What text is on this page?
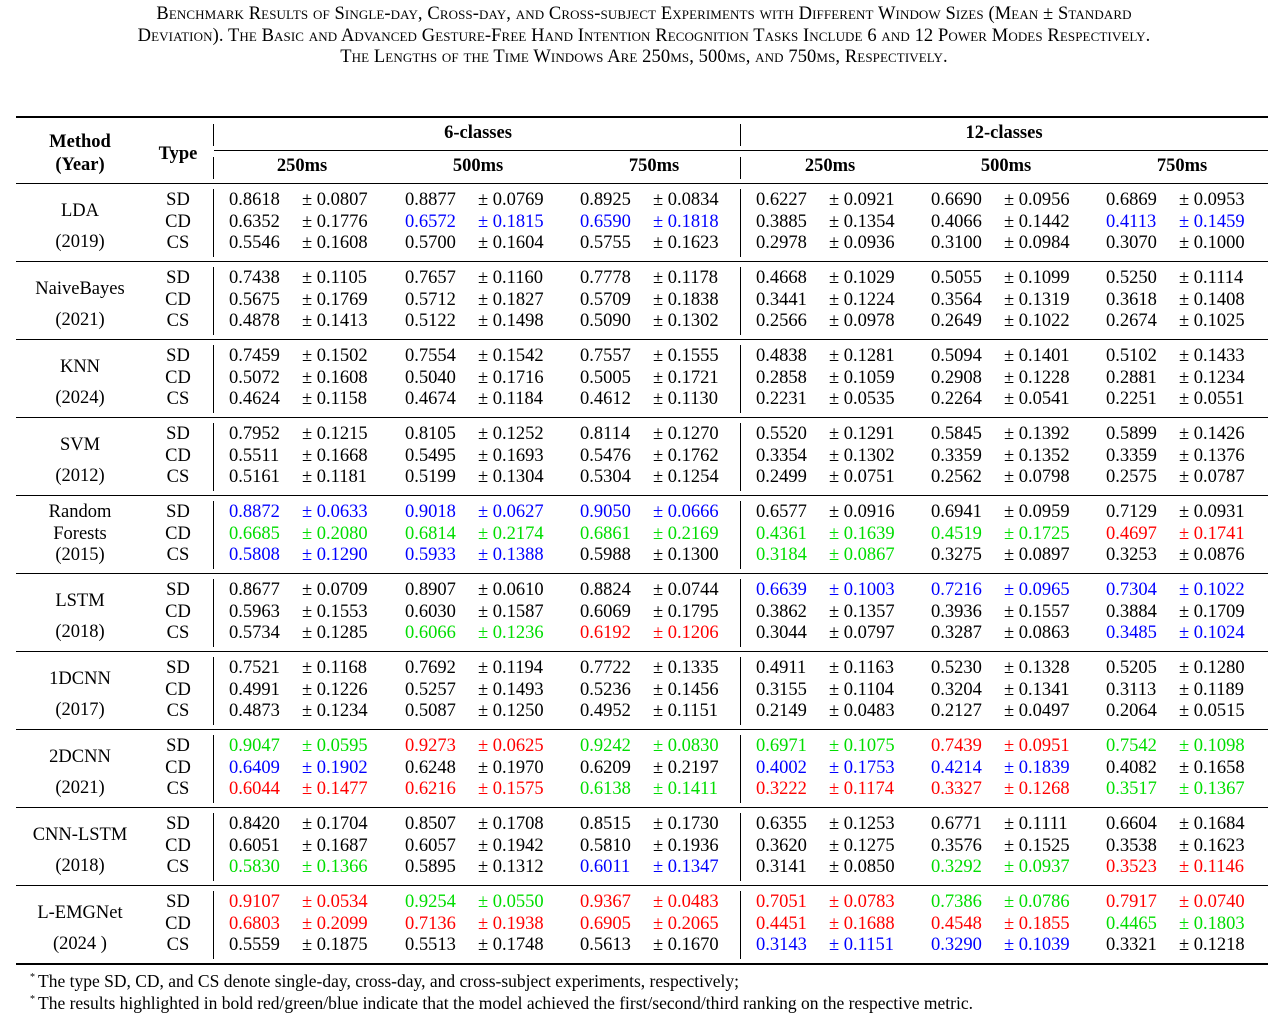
Benchmark Results of Single-day, Cross-day, and Cross-subject Experiments with Different Window Sizes (Mean ± Standard
Deviation). The Basic and Advanced Gesture-Free Hand Intention Recognition Tasks Include 6 and 12 Power Modes Respectively.
The Lengths of the Time Windows Are 250ms, 500ms, and 750ms, Respectively.
Method
(Year)
Type
6-classes	12-classes
250ms	500ms	750ms	250ms	500ms	750ms
LDA
(2019)
SD	0.8618 ± 0.0807 0.8877 ± 0.0769 0.8925 ± 0.0834 0.6227 ± 0.0921 0.6690 ± 0.0956 0.6869 ± 0.0953
CD	0.6352 ± 0.1776 0.6572 ± 0.1815 0.6590 ± 0.1818 0.3885 ± 0.1354 0.4066 ± 0.1442 0.4113 ± 0.1459
CS	0.5546 ± 0.1608 0.5700 ± 0.1604 0.5755 ± 0.1623 0.2978 ± 0.0936 0.3100 ± 0.0984 0.3070 ± 0.1000
NaiveBayes
(2021)
SD	0.7438 ± 0.1105 0.7657 ± 0.1160 0.7778 ± 0.1178 0.4668 ± 0.1029 0.5055 ± 0.1099 0.5250 ± 0.1114
CD	0.5675 ± 0.1769 0.5712 ± 0.1827 0.5709 ± 0.1838 0.3441 ± 0.1224 0.3564 ± 0.1319 0.3618 ± 0.1408
CS	0.4878 ± 0.1413 0.5122 ± 0.1498 0.5090 ± 0.1302 0.2566 ± 0.0978 0.2649 ± 0.1022 0.2674 ± 0.1025
KNN
(2024)
SD	0.7459 ± 0.1502 0.7554 ± 0.1542 0.7557 ± 0.1555 0.4838 ± 0.1281 0.5094 ± 0.1401 0.5102 ± 0.1433
CD	0.5072 ± 0.1608 0.5040 ± 0.1716 0.5005 ± 0.1721 0.2858 ± 0.1059 0.2908 ± 0.1228 0.2881 ± 0.1234
CS	0.4624 ± 0.1158 0.4674 ± 0.1184 0.4612 ± 0.1130 0.2231 ± 0.0535 0.2264 ± 0.0541 0.2251 ± 0.0551
SVM
(2012)
SD	0.7952 ± 0.1215 0.8105 ± 0.1252 0.8114 ± 0.1270 0.5520 ± 0.1291 0.5845 ± 0.1392 0.5899 ± 0.1426
CD	0.5511 ± 0.1668 0.5495 ± 0.1693 0.5476 ± 0.1762 0.3354 ± 0.1302 0.3359 ± 0.1352 0.3359 ± 0.1376
CS	0.5161 ± 0.1181 0.5199 ± 0.1304 0.5304 ± 0.1254 0.2499 ± 0.0751 0.2562 ± 0.0798 0.2575 ± 0.0787
Random
Forests
(2015)
SD	0.8872 ± 0.0633 0.9018 ± 0.0627 0.9050 ± 0.0666 0.6577 ± 0.0916 0.6941 ± 0.0959 0.7129 ± 0.0931
CD	0.6685 ± 0.2080 0.6814 ± 0.2174 0.6861 ± 0.2169 0.4361 ± 0.1639 0.4519 ± 0.1725 0.4697 ± 0.1741
CS	0.5808 ± 0.1290 0.5933 ± 0.1388 0.5988 ± 0.1300 0.3184 ± 0.0867 0.3275 ± 0.0897 0.3253 ± 0.0876
LSTM
(2018)
SD	0.8677 ± 0.0709 0.8907 ± 0.0610 0.8824 ± 0.0744 0.6639 ± 0.1003 0.7216 ± 0.0965 0.7304 ± 0.1022
CD	0.5963 ± 0.1553 0.6030 ± 0.1587 0.6069 ± 0.1795 0.3862 ± 0.1357 0.3936 ± 0.1557 0.3884 ± 0.1709
CS	0.5734 ± 0.1285 0.6066 ± 0.1236 0.6192 ± 0.1206 0.3044 ± 0.0797 0.3287 ± 0.0863 0.3485 ± 0.1024
1DCNN
(2017)
SD	0.7521 ± 0.1168 0.7692 ± 0.1194 0.7722 ± 0.1335 0.4911 ± 0.1163 0.5230 ± 0.1328 0.5205 ± 0.1280
CD	0.4991 ± 0.1226 0.5257 ± 0.1493 0.5236 ± 0.1456 0.3155 ± 0.1104 0.3204 ± 0.1341 0.3113 ± 0.1189
CS	0.4873 ± 0.1234 0.5087 ± 0.1250 0.4952 ± 0.1151 0.2149 ± 0.0483 0.2127 ± 0.0497 0.2064 ± 0.0515
2DCNN
(2021)
SD	0.9047 ± 0.0595 0.9273 ± 0.0625 0.9242 ± 0.0830 0.6971 ± 0.1075 0.7439 ± 0.0951 0.7542 ± 0.1098
CD	0.6409 ± 0.1902 0.6248 ± 0.1970 0.6209 ± 0.2197 0.4002 ± 0.1753 0.4214 ± 0.1839 0.4082 ± 0.1658
CS	0.6044 ± 0.1477 0.6216 ± 0.1575 0.6138 ± 0.1411 0.3222 ± 0.1174 0.3327 ± 0.1268 0.3517 ± 0.1367
CNN-LSTM
(2018)
SD	0.8420 ± 0.1704 0.8507 ± 0.1708 0.8515 ± 0.1730 0.6355 ± 0.1253 0.6771 ± 0.1111 0.6604 ± 0.1684
CD	0.6051 ± 0.1687 0.6057 ± 0.1942 0.5810 ± 0.1936 0.3620 ± 0.1275 0.3576 ± 0.1525 0.3538 ± 0.1623
CS	0.5830 ± 0.1366 0.5895 ± 0.1312 0.6011 ± 0.1347 0.3141 ± 0.0850 0.3292 ± 0.0937 0.3523 ± 0.1146
L-EMGNet
(2024 )
SD	0.9107 ± 0.0534 0.9254 ± 0.0550 0.9367 ± 0.0483 0.7051 ± 0.0783 0.7386 ± 0.0786 0.7917 ± 0.0740
CD	0.6803 ± 0.2099 0.7136 ± 0.1938 0.6905 ± 0.2065 0.4451 ± 0.1688 0.4548 ± 0.1855 0.4465 ± 0.1803
CS	0.5559 ± 0.1875 0.5513 ± 0.1748 0.5613 ± 0.1670 0.3143 ± 0.1151 0.3290 ± 0.1039 0.3321 ± 0.1218
* The type SD, CD, and CS denote single-day, cross-day, and cross-subject experiments, respectively;
* The results highlighted in bold red/green/blue indicate that the model achieved the first/second/third ranking on the respective metric.
